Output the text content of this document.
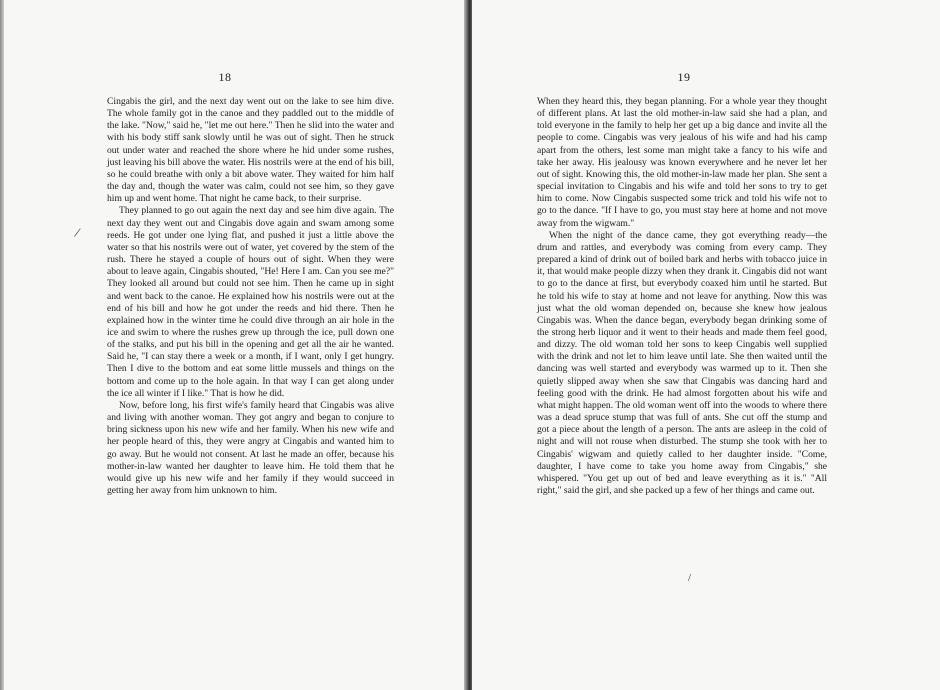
18

Cingabis the girl, and the next day went out on the lake to see him dive. The whole family got in the canoe and they paddled out to the middle of the lake. "Now," said he, "let me out here." Then he slid into the water and with his body stiff sank slowly until he was out of sight. Then he struck out under water and reached the shore where he hid under some rushes, just leaving his bill above the water. His nostrils were at the end of his bill, so he could breathe with only a bit above water. They waited for him half the day and, though the water was calm, could not see him, so they gave him up and went home. That night he came back, to their surprise.

They planned to go out again the next day and see him dive again. The next day they went out and Cingabis dove again and swam among some reeds. He got under one lying flat, and pushed it just a little above the water so that his nostrils were out of water, yet covered by the stem of the rush. There he stayed a couple of hours out of sight. When they were about to leave again, Cingabis shouted, "He! Here I am. Can you see me?" They looked all around but could not see him. Then he came up in sight and went back to the canoe. He explained how his nostrils were out at the end of his bill and how he got under the reeds and hid there. Then he explained how in the winter time he could dive through an air hole in the ice and swim to where the rushes grew up through the ice, pull down one of the stalks, and put his bill in the opening and get all the air he wanted. Said he, "I can stay there a week or a month, if I want, only I get hungry. Then I dive to the bottom and eat some little mussels and things on the bottom and come up to the hole again. In that way I can get along under the ice all winter if I like." That is how he did.

Now, before long, his first wife's family heard that Cingabis was alive and living with another woman. They got angry and began to conjure to bring sickness upon his new wife and her family. When his new wife and her people heard of this, they were angry at Cingabis and wanted him to go away. But he would not consent. At last he made an offer, because his mother-in-law wanted her daughter to leave him. He told them that he would give up his new wife and her family if they would succeed in getting her away from him unknown to him.

/
19

When they heard this, they began planning. For a whole year they thought of different plans. At last the old mother-in-law said she had a plan, and told everyone in the family to help her get up a big dance and invite all the people to come. Cingabis was very jealous of his wife and had his camp apart from the others, lest some man might take a fancy to his wife and take her away. His jealousy was known everywhere and he never let her out of sight. Knowing this, the old mother-in-law made her plan. She sent a special invitation to Cingabis and his wife and told her sons to try to get him to come. Now Cingabis suspected some trick and told his wife not to go to the dance. "If I have to go, you must stay here at home and not move away from the wigwam."

When the night of the dance came, they got everything ready—the drum and rattles, and everybody was coming from every camp. They prepared a kind of drink out of boiled bark and herbs with tobacco juice in it, that would make people dizzy when they drank it. Cingabis did not want to go to the dance at first, but everybody coaxed him until he started. But he told his wife to stay at home and not leave for anything. Now this was just what the old woman depended on, because she knew how jealous Cingabis was. When the dance began, everybody began drinking some of the strong herb liquor and it went to their heads and made them feel good, and dizzy. The old woman told her sons to keep Cingabis well supplied with the drink and not let to him leave until late. She then waited until the dancing was well started and everybody was warmed up to it. Then she quietly slipped away when she saw that Cingabis was dancing hard and feeling good with the drink. He had almost forgotten about his wife and what might happen. The old woman went off into the woods to where there was a dead spruce stump that was full of ants. She cut off the stump and got a piece about the length of a person. The ants are asleep in the cold of night and will not rouse when disturbed. The stump she took with her to Cingabis' wigwam and quietly called to her daughter inside. "Come, daughter, I have come to take you home away from Cingabis," she whispered. "You get up out of bed and leave everything as it is." "All right," said the girl, and she packed up a few of her things and came out.

/
